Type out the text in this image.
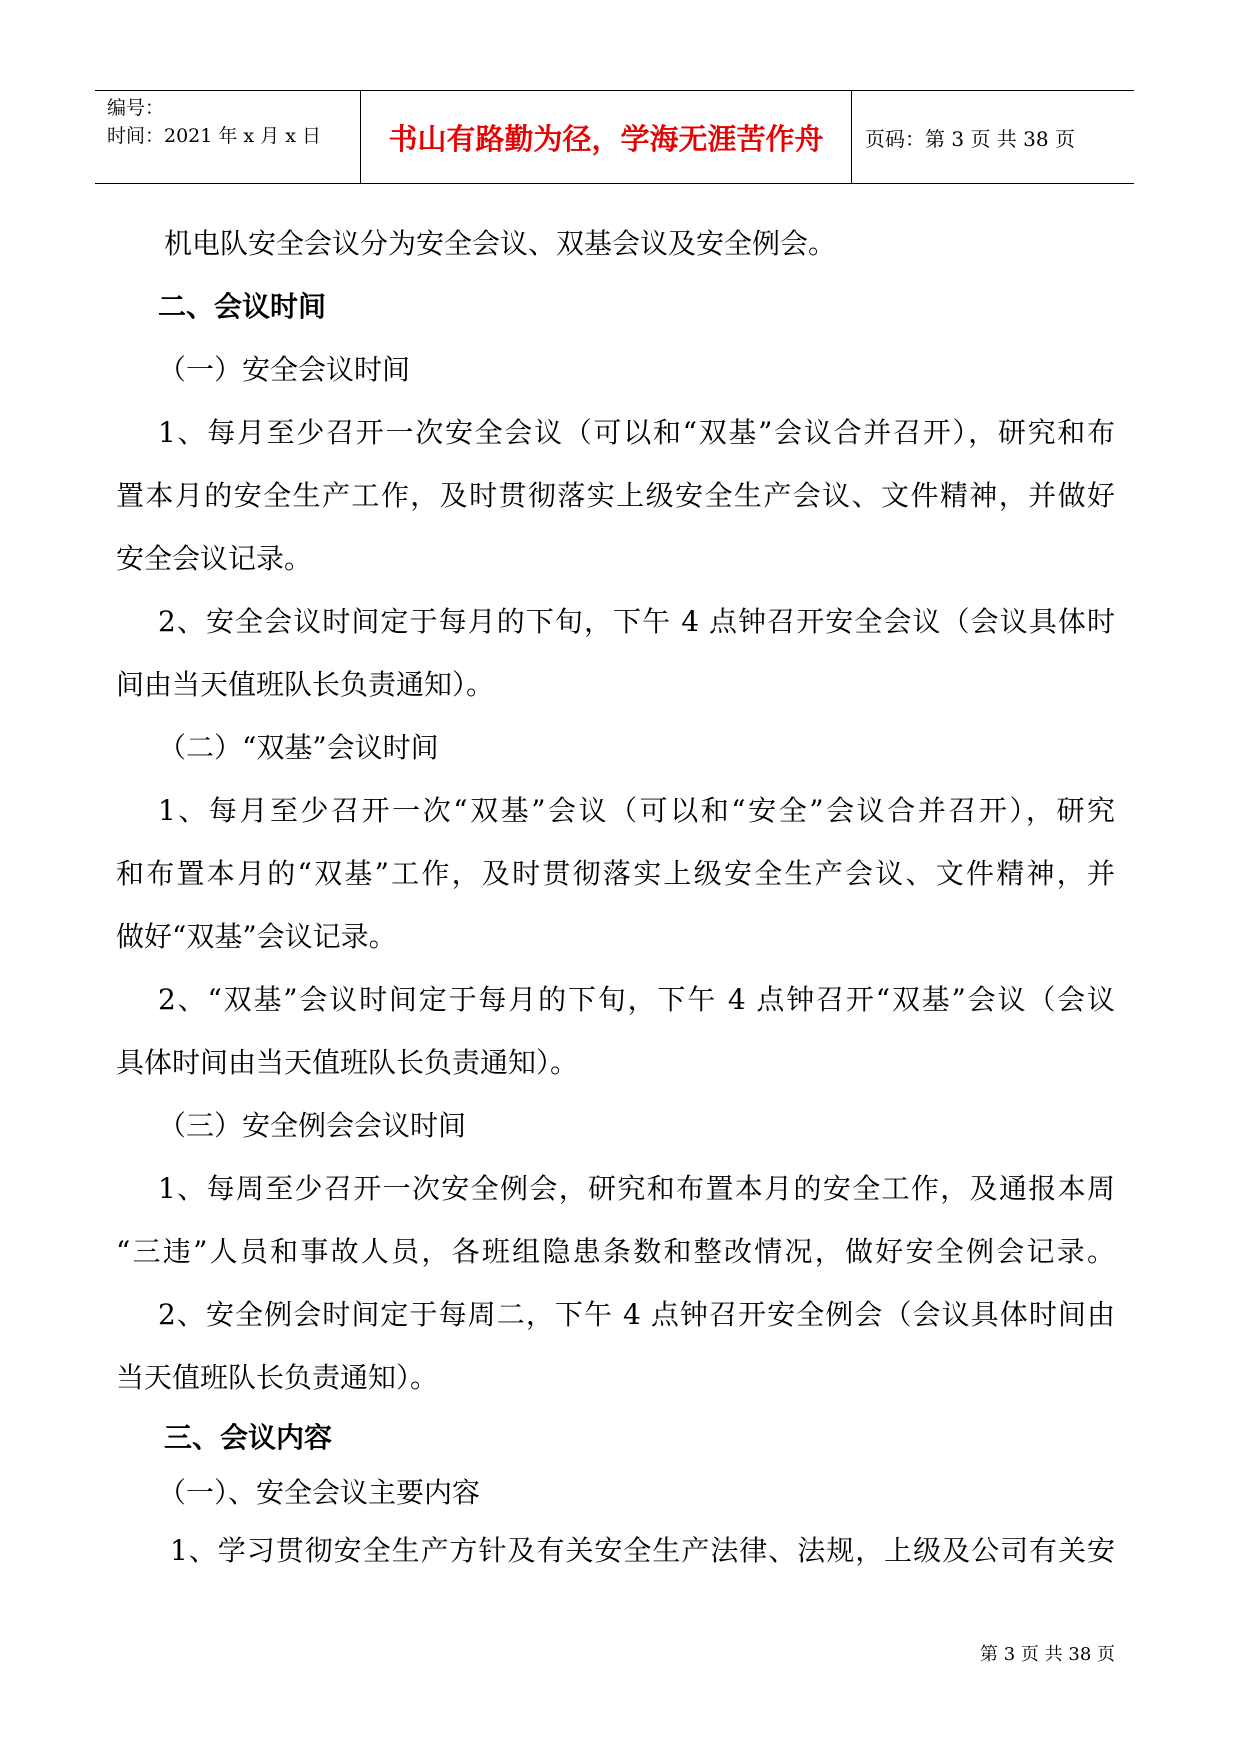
编号：
时间：2021 年 x 月 x 日	书山有路勤为径，学海无涯苦作舟 页码：第 3 页 共 38 页
机电队安全会议分为安全会议、双基会议及安全例会。
二、会议时间
（一）安全会议时间
1、每月至少召开一次安全会议（可以和“双基”会议合并召开），研究和布
置本月的安全生产工作，及时贯彻落实上级安全生产会议、文件精神，并做好
安全会议记录。
2、安全会议时间定于每月的下旬，下午 4 点钟召开安全会议（会议具体时
间由当天值班队长负责通知）。
（二）“双基”会议时间
1、每月至少召开一次“双基”会议（可以和“安全”会议合并召开），研究
和布置本月的“双基”工作，及时贯彻落实上级安全生产会议、文件精神，并
做好“双基”会议记录。
2、“双基”会议时间定于每月的下旬，下午 4 点钟召开“双基”会议（会议
具体时间由当天值班队长负责通知）。
（三）安全例会会议时间
1、每周至少召开一次安全例会，研究和布置本月的安全工作，及通报本周
“三违”人员和事故人员，各班组隐患条数和整改情况，做好安全例会记录。
2、安全例会时间定于每周二，下午 4 点钟召开安全例会（会议具体时间由
当天值班队长负责通知）。
三、会议内容
（一）、安全会议主要内容
1、学习贯彻安全生产方针及有关安全生产法律、法规，上级及公司有关安
第 3 页 共 38 页
